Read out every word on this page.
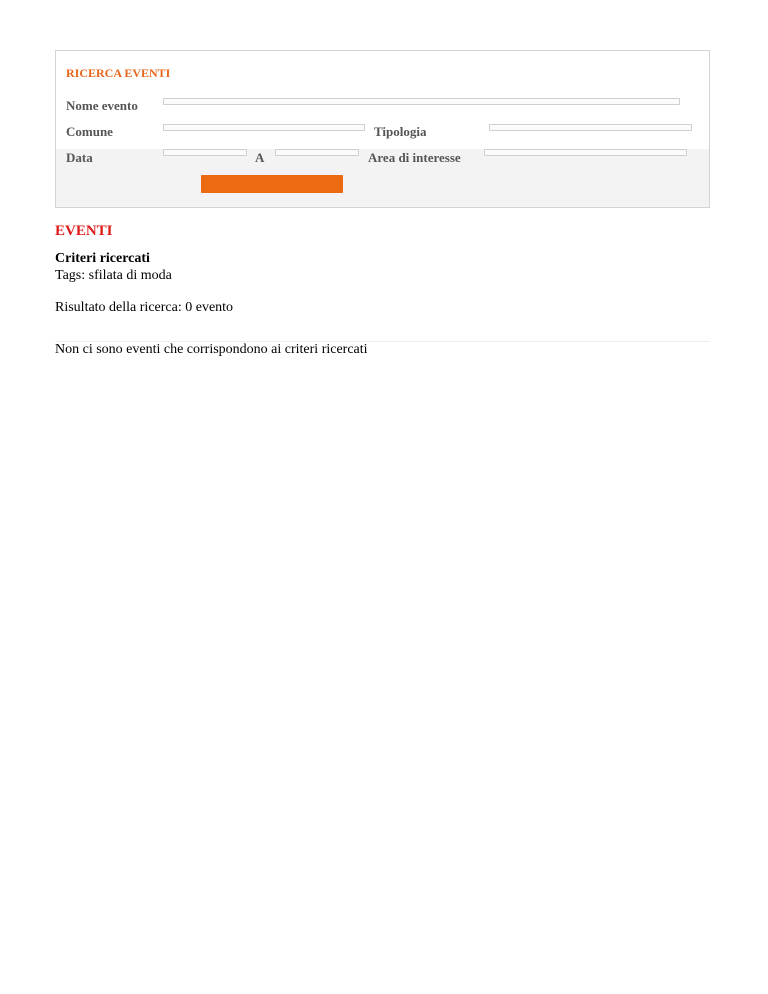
RICERCA EVENTI
Nome evento
Comune	Tipologia
Data	A	Area di interesse
EVENTI
Criteri ricercati
Tags: sfilata di moda
Risultato della ricerca: 0 evento
Non ci sono eventi che corrispondono ai criteri ricercati
